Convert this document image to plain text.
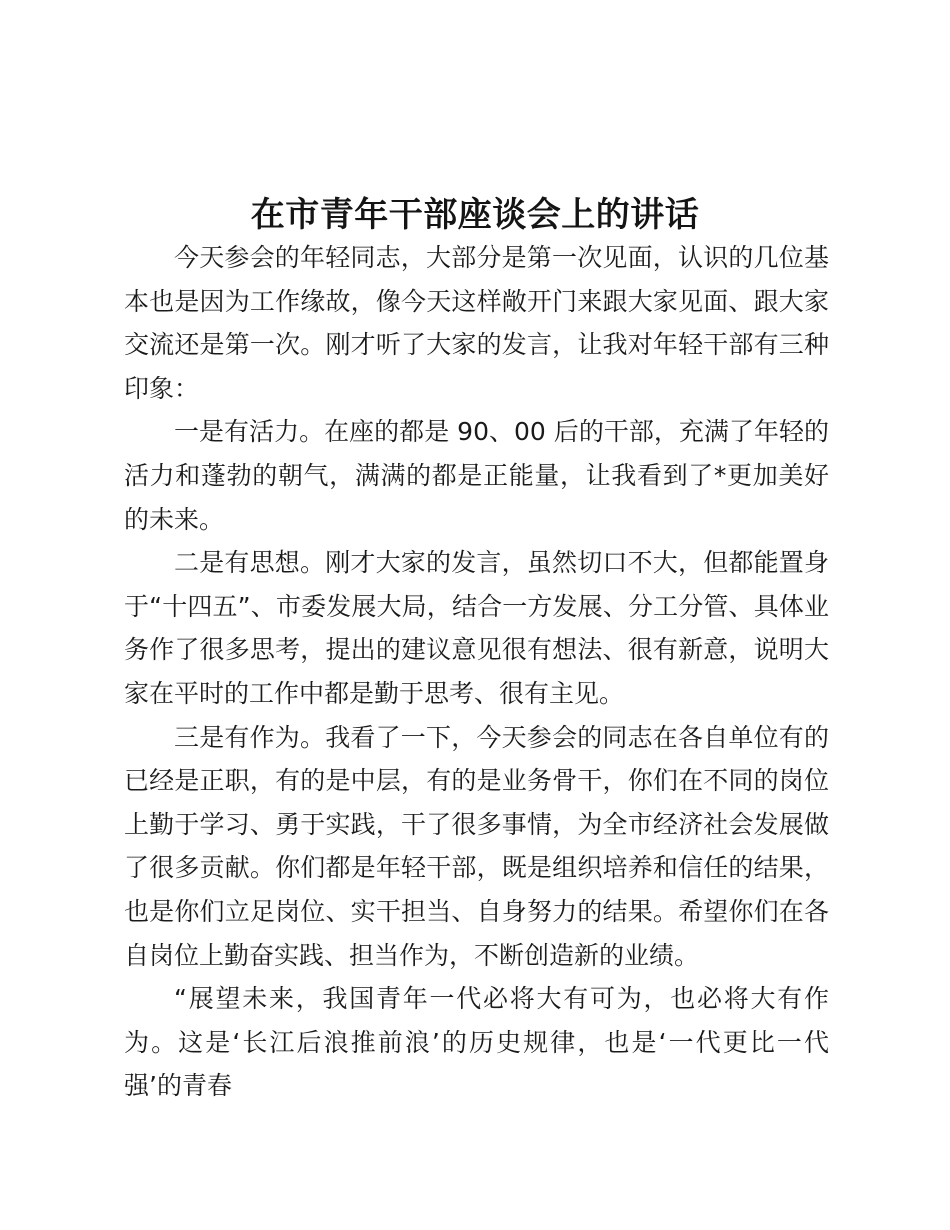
在市青年干部座谈会上的讲话

今天参会的年轻同志，大部分是第一次见面，认识的几位基本也是因为工作缘故，像今天这样敞开门来跟大家见面、跟大家交流还是第一次。刚才听了大家的发言，让我对年轻干部有三种印象：

一是有活力。在座的都是 90、00 后的干部，充满了年轻的活力和蓬勃的朝气，满满的都是正能量，让我看到了*更加美好的未来。

二是有思想。刚才大家的发言，虽然切口不大，但都能置身于“十四五”、市委发展大局，结合一方发展、分工分管、具体业务作了很多思考，提出的建议意见很有想法、很有新意，说明大家在平时的工作中都是勤于思考、很有主见。

三是有作为。我看了一下，今天参会的同志在各自单位有的已经是正职，有的是中层，有的是业务骨干，你们在不同的岗位上勤于学习、勇于实践，干了很多事情，为全市经济社会发展做了很多贡献。你们都是年轻干部，既是组织培养和信任的结果，也是你们立足岗位、实干担当、自身努力的结果。希望你们在各自岗位上勤奋实践、担当作为，不断创造新的业绩。

“展望未来，我国青年一代必将大有可为，也必将大有作为。这是‘长江后浪推前浪’的历史规律，也是‘一代更比一代强’的青春
